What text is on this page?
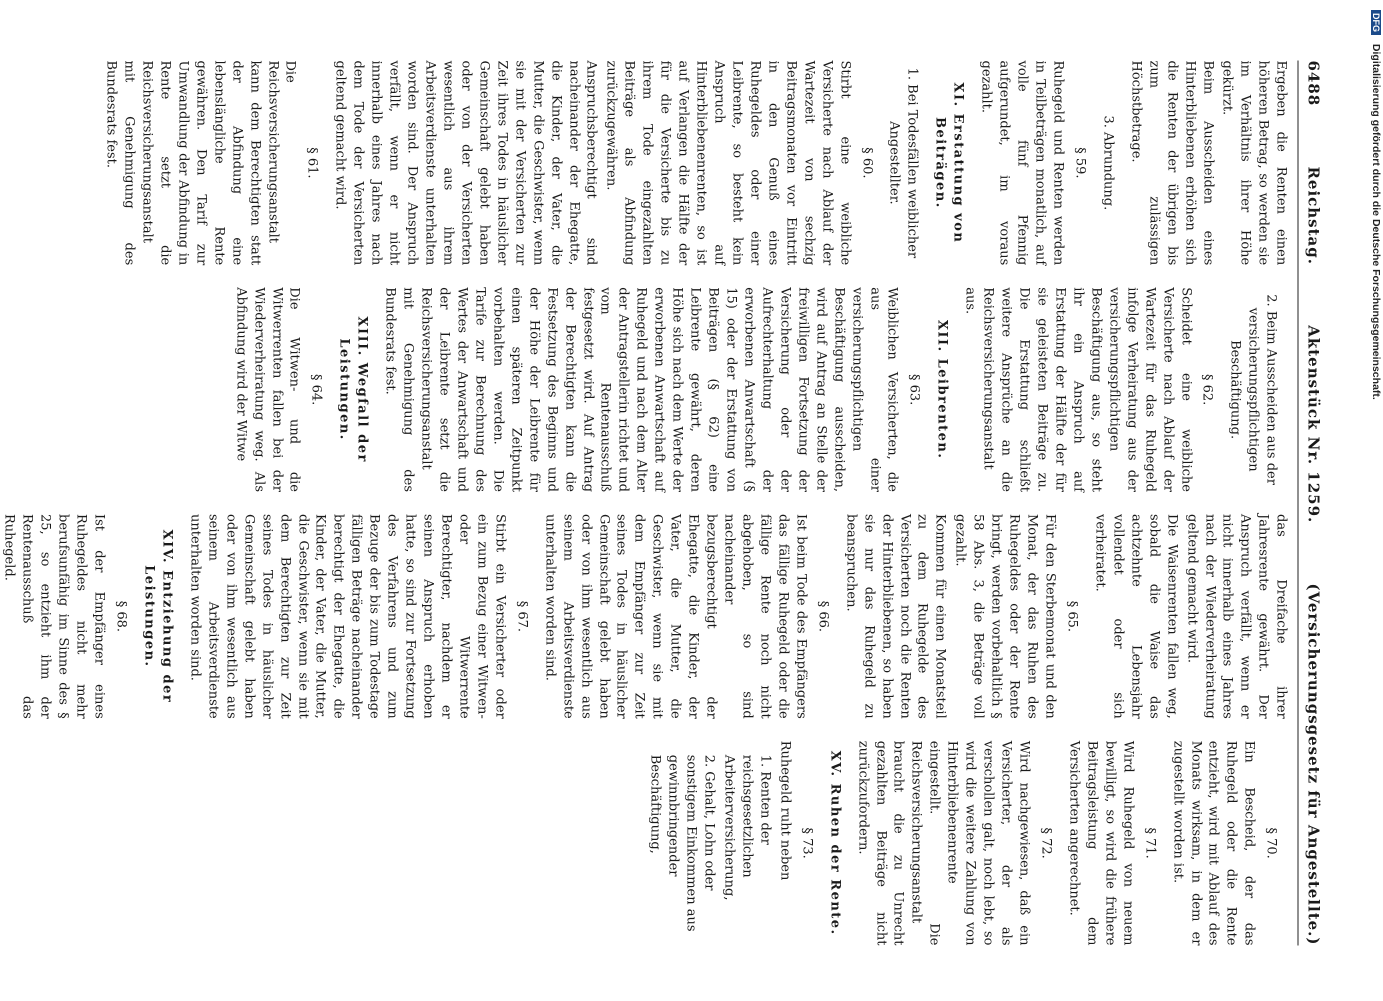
6488
Reichstag.
Aktenstück Nr. 1259.
(Versicherungsgesetz für Angestellte.)

Ergeben die Renten einen höheren Betrag, so werden sie im Verhältnis ihrer Höhe gekürzt.

Beim Ausscheiden eines Hinterbliebenen erhöhen sich die Renten der übrigen bis zum zulässigen Höchstbetrage.

3. Abrundung.
§ 59.

Ruhegeld und Renten werden in Teilbeträgen monatlich, auf volle fünf Pfennig aufgerundet, im voraus gezahlt.

XI. Erstattung von Beiträgen.
1. Bei Todesfällen weiblicher Angestellter.
§ 60.

Stirbt eine weibliche Versicherte nach Ablauf der Wartezeit von sechzig Beitragsmonaten vor Eintritt in den Genuß eines Ruhegeldes oder einer Leibrente, so besteht kein Anspruch auf Hinterbliebenenrenten, so ist auf Verlangen die Hälfte der für die Versicherte bis zu ihrem Tode eingezahlten Beiträge als Abfindung zurückzugewähren.

Anspruchsberechtigt sind nacheinander der Ehegatte, die Kinder, der Vater, die Mutter, die Geschwister, wenn sie mit der Versicherten zur Zeit ihres Todes in häuslicher Gemeinschaft gelebt haben oder von der Versicherten wesentlich aus ihrem Arbeitsverdienste unterhalten worden sind. Der Anspruch verfällt, wenn er nicht innerhalb eines Jahres nach dem Tode der Versicherten geltend gemacht wird.

§ 61.

Die Reichsversicherungsanstalt kann dem Berechtigten statt der Abfindung eine lebenslängliche Rente gewähren. Den Tarif zur Umwandlung der Abfindung in Rente setzt die Reichsversicherungsanstalt mit Genehmigung des Bundesrats fest.

2. Beim Ausscheiden aus der versicherungspflichtigen Beschäftigung.
§ 62.

Scheidet eine weibliche Versicherte nach Ablauf der Wartezeit für das Ruhegeld infolge Verheiratung aus der versicherungspflichtigen Beschäftigung aus, so steht ihr ein Anspruch auf Erstattung der Hälfte der für sie geleisteten Beiträge zu. Die Erstattung schließt weitere Ansprüche an die Reichsversicherungsanstalt aus.

XII. Leibrenten.
§ 63.

Weiblichen Versicherten, die aus einer versicherungspflichtigen Beschäftigung ausscheiden, wird auf Antrag an Stelle der freiwilligen Fortsetzung der Versicherung oder der Aufrechterhaltung der erworbenen Anwartschaft (§ 15) oder der Erstattung von Beiträgen (§ 62) eine Leibrente gewährt, deren Höhe sich nach dem Werte der erworbenen Anwartschaft auf Ruhegeld und nach dem Alter der Antragstellerin richtet und vom Rentenausschuß festgesetzt wird. Auf Antrag der Berechtigten kann die Festsetzung des Beginns und der Höhe der Leibrente für einen späteren Zeitpunkt vorbehalten werden. Die Tarife zur Berechnung des Wertes der Anwartschaft und der Leibrente setzt die Reichsversicherungsanstalt mit Genehmigung des Bundesrats fest.

XIII. Wegfall der Leistungen.
§ 64.

Die Witwen- und die Witwerrenten fallen bei der Wiederverheiratung weg. Als Abfindung wird der Witwe

das Dreifache ihrer Jahresrente gewährt. Der Anspruch verfällt, wenn er nicht innerhalb eines Jahres nach der Wiederverheiratung geltend gemacht wird.

Die Waisenrenten fallen weg, sobald die Waise das achtzehnte Lebensjahr vollendet oder sich verheiratet.

§ 65.

Für den Sterbemonat und den Monat, der das Ruhen des Ruhegeldes oder der Rente bringt, werden vorbehaltlich § 58 Abs. 3, die Beträge voll gezahlt.

Kommen für einen Monatsteil zu dem Ruhegelde des Versicherten noch die Renten der Hinterbliebenen, so haben sie nur das Ruhegeld zu beanspruchen.

§ 66.

Ist beim Tode des Empfängers das fällige Ruhegeld oder die fällige Rente noch nicht abgehoben, so sind nacheinander bezugsberechtigt der Ehegatte, die Kinder, der Vater, die Mutter, die Geschwister, wenn sie mit dem Empfänger zur Zeit seines Todes in häuslicher Gemeinschaft gelebt haben oder von ihm wesentlich aus seinem Arbeitsverdienste unterhalten worden sind.

§ 67.

Stirbt ein Versicherter oder ein zum Bezug einer Witwen- oder Witwerrente Berechtigter, nachdem er seinen Anspruch erhoben hatte, so sind zur Fortsetzung des Verfahrens und zum Bezuge der bis zum Todestage fälligen Beträge nacheinander berechtigt der Ehegatte, die Kinder, der Vater, die Mutter, die Geschwister, wenn sie mit dem Berechtigten zur Zeit seines Todes in häuslicher Gemeinschaft gelebt haben oder von ihm wesentlich aus seinem Arbeitsverdienste unterhalten worden sind.

XIV. Entziehung der Leistungen.
§ 68.

Ist der Empfänger eines Ruhegeldes nicht mehr berufsunfähig im Sinne des § 25, so entzieht ihm der Rentenausschuß das Ruhegeld.

§ 70.

Ein Bescheid, der das Ruhegeld oder die Rente entzieht, wird mit Ablauf des Monats wirksam, in dem er zugestellt worden ist.

§ 71.

Wird Ruhegeld von neuem bewilligt, so wird die frühere Beitragsleistung dem Versicherten angerechnet.

§ 72.

Wird nachgewiesen, daß ein Versicherter, der als verschollen galt, noch lebt, so wird die weitere Zahlung von Hinterbliebenenrente eingestellt. Die Reichsversicherungsanstalt braucht die zu Unrecht gezahlten Beiträge nicht zurückzufordern.

XV. Ruhen der Rente.
§ 73.

Ruhegeld ruht neben

1. Renten der reichsgesetzlichen Arbeiterversicherung,
2. Gehalt, Lohn oder sonstigem Einkommen aus gewinnbringender Beschäftigung,
DFG Digitalisierung gefördert durch die Deutsche Forschungsgemeinschaft.
